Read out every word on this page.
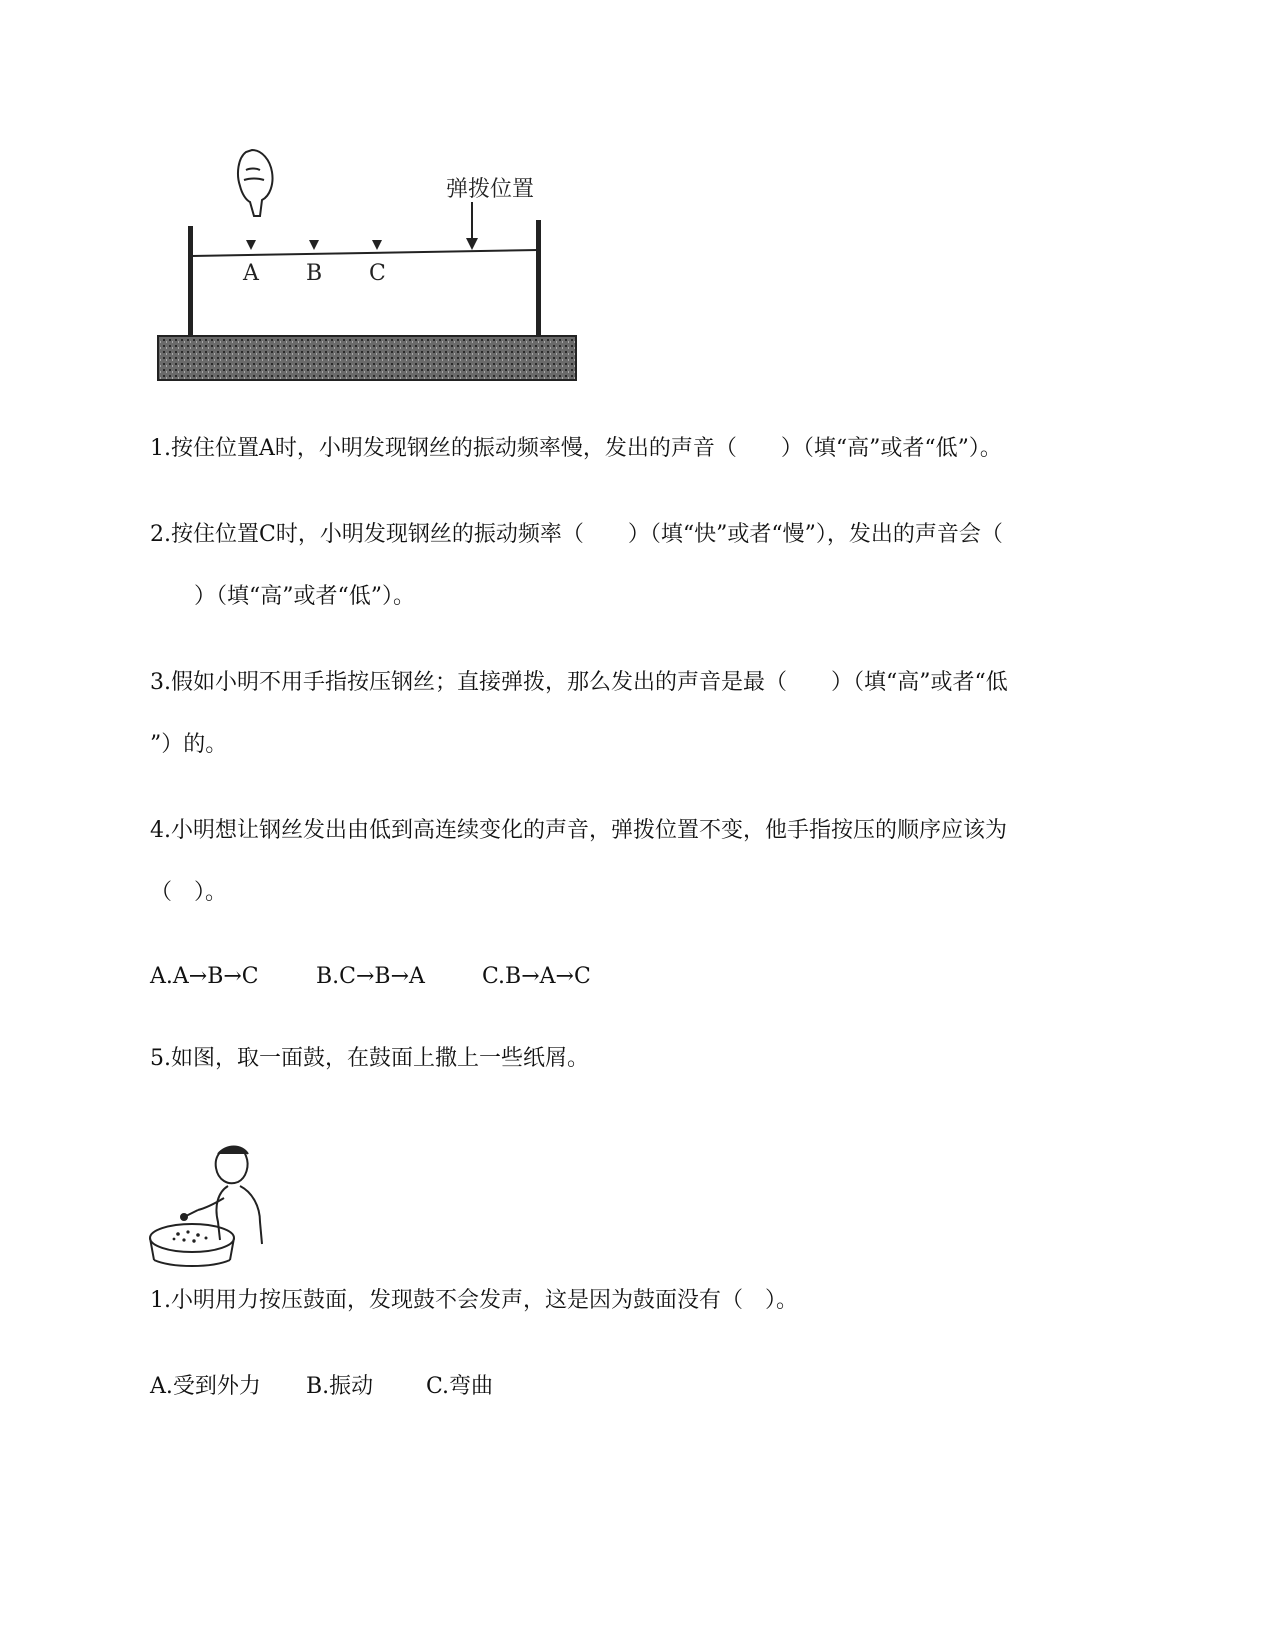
弹拨位置
A B C
1.按住位置A时，小明发现钢丝的振动频率慢，发出的声音（　　）（填“高”或者“低”）。
2.按住位置C时，小明发现钢丝的振动频率（　　）（填“快”或者“慢”），发出的声音会（
　　）（填“高”或者“低”）。
3.假如小明不用手指按压钢丝；直接弹拨，那么发出的声音是最（　　）（填“高”或者“低
”）的。
4.小明想让钢丝发出由低到高连续变化的声音，弹拨位置不变，他手指按压的顺序应该为
（　）。
A.A→B→C	B.C→B→A	C.B→A→C
5.如图，取一面鼓，在鼓面上撒上一些纸屑。
1.小明用力按压鼓面，发现鼓不会发声，这是因为鼓面没有（　）。
A.受到外力 B.振动 C.弯曲
